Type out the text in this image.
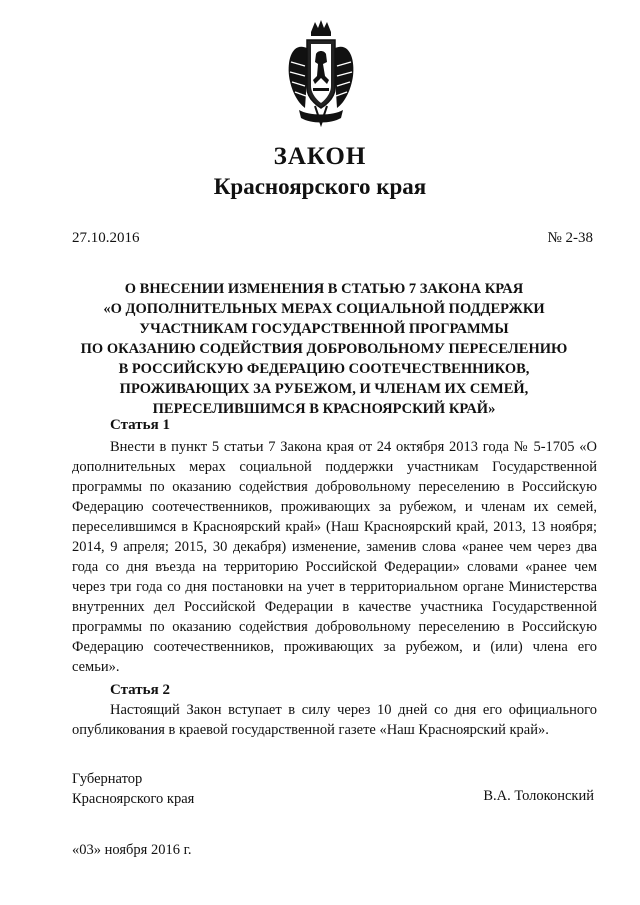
ЗАКОН
Красноярского края
27.10.2016	№ 2-38
О ВНЕСЕНИИ ИЗМЕНЕНИЯ В СТАТЬЮ 7 ЗАКОНА КРАЯ
«О ДОПОЛНИТЕЛЬНЫХ МЕРАХ СОЦИАЛЬНОЙ ПОДДЕРЖКИ
УЧАСТНИКАМ ГОСУДАРСТВЕННОЙ ПРОГРАММЫ
ПО ОКАЗАНИЮ СОДЕЙСТВИЯ ДОБРОВОЛЬНОМУ ПЕРЕСЕЛЕНИЮ
В РОССИЙСКУЮ ФЕДЕРАЦИЮ СООТЕЧЕСТВЕННИКОВ,
ПРОЖИВАЮЩИХ ЗА РУБЕЖОМ, И ЧЛЕНАМ ИХ СЕМЕЙ,
ПЕРЕСЕЛИВШИМСЯ В КРАСНОЯРСКИЙ КРАЙ»
Статья 1

Внести в пункт 5 статьи 7 Закона края от 24 октября 2013 года № 5-1705 «О дополнительных мерах социальной поддержки участникам Государственной программы по оказанию содействия добровольному переселению в Российскую Федерацию соотечественников, проживающих за рубежом, и членам их семей, переселившимся в Красноярский край» (Наш Красноярский край, 2013, 13 ноября; 2014, 9 апреля; 2015, 30 декабря) изменение, заменив слова «ранее чем через два года со дня въезда на территорию Российской Федерации» словами «ранее чем через три года со дня постановки на учет в территориальном органе Министерства внутренних дел Российской Федерации в качестве участника Государственной программы по оказанию содействия добровольному переселению в Российскую Федерацию соотечественников, проживающих за рубежом, и (или) члена его семьи».

Статья 2

Настоящий Закон вступает в силу через 10 дней со дня его официального опубликования в краевой государственной газете «Наш Красноярский край».

Губернатор
Красноярского края	В.А. Толоконский
«03» ноября 2016 г.
